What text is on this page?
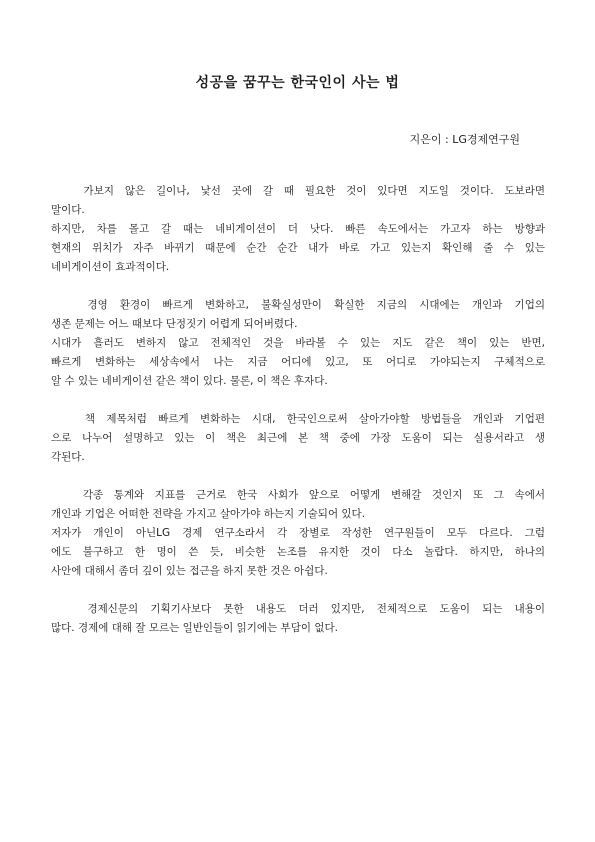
성공을 꿈꾸는 한국인이 사는 법

지은이 : LG경제연구원

가보지 않은 길이나, 낯선 곳에 갈 때 필요한 것이 있다면 지도일 것이다. 도보라면

말이다.

하지만, 차를 몰고 갈 때는 네비게이션이 더 낫다. 빠른 속도에서는 가고자 하는 방향과

현재의 위치가 자주 바뀌기 때문에 순간 순간 내가 바로 가고 있는지 확인해 줄 수 있는

네비게이션이 효과적이다.

경영 환경이 빠르게 변화하고, 불확실성만이 확실한 지금의 시대에는 개인과 기업의

생존 문제는 어느 때보다 단정짓기 어렵게 되어버렸다.

시대가 흘러도 변하지 않고 전체적인 것을 바라볼 수 있는 지도 같은 책이 있는 반면,

빠르게 변화하는 세상속에서 나는 지금 어디에 있고, 또 어디로 가야되는지 구체적으로

알 수 있는 네비게이션 같은 책이 있다. 물론, 이 책은 후자다.

책 제목처럼 빠르게 변화하는 시대, 한국인으로써 살아가야할 방법들을 개인과 기업편

으로 나누어 설명하고 있는 이 책은 최근에 본 책 중에 가장 도움이 되는 실용서라고 생

각된다.

각종 통계와 지표를 근거로 한국 사회가 앞으로 어떻게 변해갈 것인지 또 그 속에서

개인과 기업은 어떠한 전략을 가지고 살아가야 하는지 기술되어 있다.

저자가 개인이 아닌LG 경제 연구소라서 각 장별로 작성한 연구원들이 모두 다르다. 그럼

에도 불구하고 한 명이 쓴 듯, 비슷한 논조를 유지한 것이 다소 놀랍다. 하지만, 하나의

사안에 대해서 좀더 깊이 있는 접근을 하지 못한 것은 아쉽다.

경제신문의 기획기사보다 못한 내용도 더러 있지만, 전체적으로 도움이 되는 내용이

많다. 경제에 대해 잘 모르는 일반인들이 읽기에는 부담이 없다.
